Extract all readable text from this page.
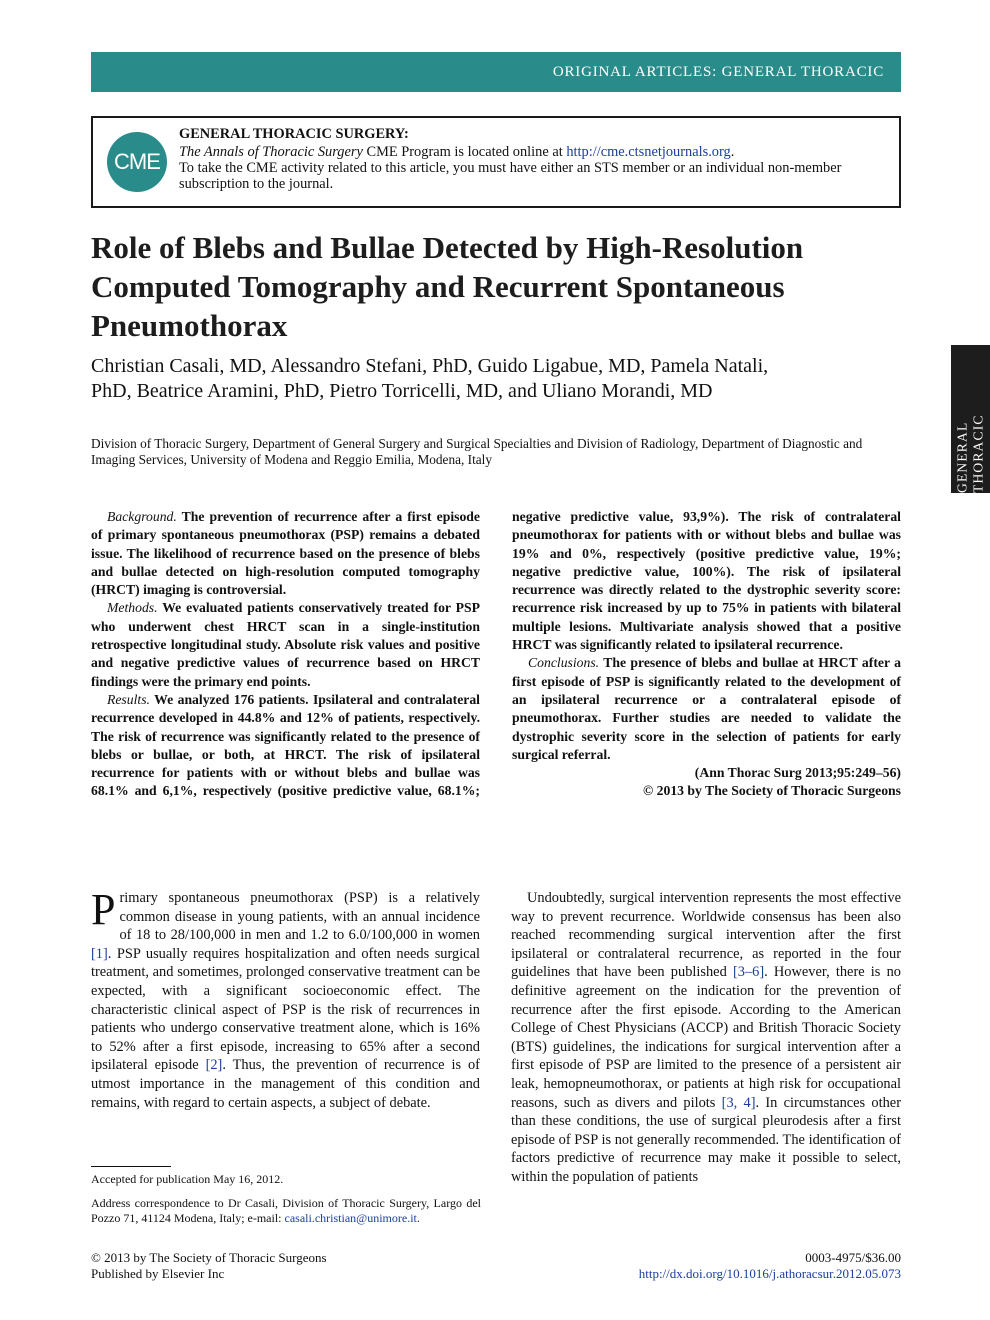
ORIGINAL ARTICLES: GENERAL THORACIC
GENERAL THORACIC
CME
GENERAL THORACIC SURGERY:
The Annals of Thoracic Surgery CME Program is located online at http://cme.ctsnetjournals.org.
To take the CME activity related to this article, you must have either an STS member or an individual non-member subscription to the journal.
Role of Blebs and Bullae Detected by High-Resolution Computed Tomography and Recurrent Spontaneous Pneumothorax
Christian Casali, MD, Alessandro Stefani, PhD, Guido Ligabue, MD, Pamela Natali, PhD, Beatrice Aramini, PhD, Pietro Torricelli, MD, and Uliano Morandi, MD
Division of Thoracic Surgery, Department of General Surgery and Surgical Specialties and Division of Radiology, Department of Diagnostic and Imaging Services, University of Modena and Reggio Emilia, Modena, Italy

Background. The prevention of recurrence after a first episode of primary spontaneous pneumothorax (PSP) remains a debated issue. The likelihood of recurrence based on the presence of blebs and bullae detected on high-resolution computed tomography (HRCT) imaging is controversial.

Methods. We evaluated patients conservatively treated for PSP who underwent chest HRCT scan in a single-institution retrospective longitudinal study. Absolute risk values and positive and negative predictive values of recurrence based on HRCT findings were the primary end points.

Results. We analyzed 176 patients. Ipsilateral and contralateral recurrence developed in 44.8% and 12% of patients, respectively. The risk of recurrence was significantly related to the presence of blebs or bullae, or both, at HRCT. The risk of ipsilateral recurrence for patients with or without blebs and bullae was 68.1% and 6,1%, respectively (positive predictive value, 68.1%; negative predictive value, 93,9%). The risk of contralateral pneumothorax for patients with or without blebs and bullae was 19% and 0%, respectively (positive predictive value, 19%; negative predictive value, 100%). The risk of ipsilateral recurrence was directly related to the dystrophic severity score: recurrence risk increased by up to 75% in patients with bilateral multiple lesions. Multivariate analysis showed that a positive HRCT was significantly related to ipsilateral recurrence.

Conclusions. The presence of blebs and bullae at HRCT after a first episode of PSP is significantly related to the development of an ipsilateral recurrence or a contralateral episode of pneumothorax. Further studies are needed to validate the dystrophic severity score in the selection of patients for early surgical referral.

(Ann Thorac Surg 2013;95:249–56)

© 2013 by The Society of Thoracic Surgeons

Primary spontaneous pneumothorax (PSP) is a relatively common disease in young patients, with an annual incidence of 18 to 28/100,000 in men and 1.2 to 6.0/100,000 in women [1]. PSP usually requires hospitalization and often needs surgical treatment, and sometimes, prolonged conservative treatment can be expected, with a significant socioeconomic effect. The characteristic clinical aspect of PSP is the risk of recurrences in patients who undergo conservative treatment alone, which is 16% to 52% after a first episode, increasing to 65% after a second ipsilateral episode [2]. Thus, the prevention of recurrence is of utmost importance in the management of this condition and remains, with regard to certain aspects, a subject of debate.

Undoubtedly, surgical intervention represents the most effective way to prevent recurrence. Worldwide consensus has been also reached recommending surgical intervention after the first ipsilateral or contralateral recurrence, as reported in the four guidelines that have been published [3–6]. However, there is no definitive agreement on the indication for the prevention of recurrence after the first episode. According to the American College of Chest Physicians (ACCP) and British Thoracic Society (BTS) guidelines, the indications for surgical intervention after a first episode of PSP are limited to the presence of a persistent air leak, hemopneumothorax, or patients at high risk for occupational reasons, such as divers and pilots [3, 4]. In circumstances other than these conditions, the use of surgical pleurodesis after a first episode of PSP is not generally recommended. The identification of factors predictive of recurrence may make it possible to select, within the population of patients

Accepted for publication May 16, 2012.
Address correspondence to Dr Casali, Division of Thoracic Surgery, Largo del Pozzo 71, 41124 Modena, Italy; e-mail: casali.christian@unimore.it.
© 2013 by The Society of Thoracic Surgeons
Published by Elsevier Inc
0003-4975/$36.00
http://dx.doi.org/10.1016/j.athoracsur.2012.05.073
